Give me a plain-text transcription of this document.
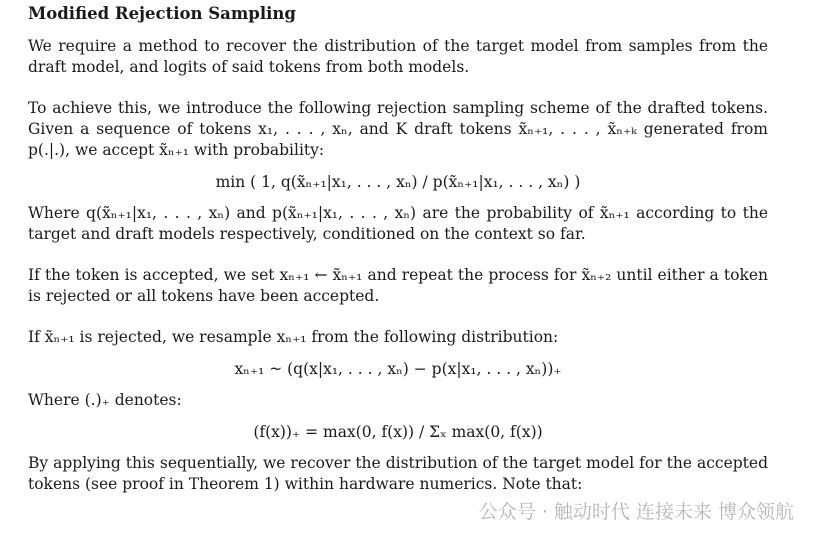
Modified Rejection Sampling

We require a method to recover the distribution of the target model from samples from the draft model, and logits of said tokens from both models.

To achieve this, we introduce the following rejection sampling scheme of the drafted tokens. Given a sequence of tokens x₁, . . . , xₙ, and K draft tokens x̃ₙ₊₁, . . . , x̃ₙ₊ₖ generated from p(.|.), we accept x̃ₙ₊₁ with probability:

min ( 1, q(x̃ₙ₊₁|x₁, . . . , xₙ) / p(x̃ₙ₊₁|x₁, . . . , xₙ) )

Where q(x̃ₙ₊₁|x₁, . . . , xₙ) and p(x̃ₙ₊₁|x₁, . . . , xₙ) are the probability of x̃ₙ₊₁ according to the target and draft models respectively, conditioned on the context so far.

If the token is accepted, we set xₙ₊₁ ← x̃ₙ₊₁ and repeat the process for x̃ₙ₊₂ until either a token is rejected or all tokens have been accepted.

If x̃ₙ₊₁ is rejected, we resample xₙ₊₁ from the following distribution:

xₙ₊₁ ~ (q(x|x₁, . . . , xₙ) − p(x|x₁, . . . , xₙ))₊

Where (.)₊ denotes:

(f(x))₊ = max(0, f(x)) / Σₓ max(0, f(x))

By applying this sequentially, we recover the distribution of the target model for the accepted tokens (see proof in Theorem 1) within hardware numerics. Note that:

公众号 · 触动时代 连接未来 博众领航
